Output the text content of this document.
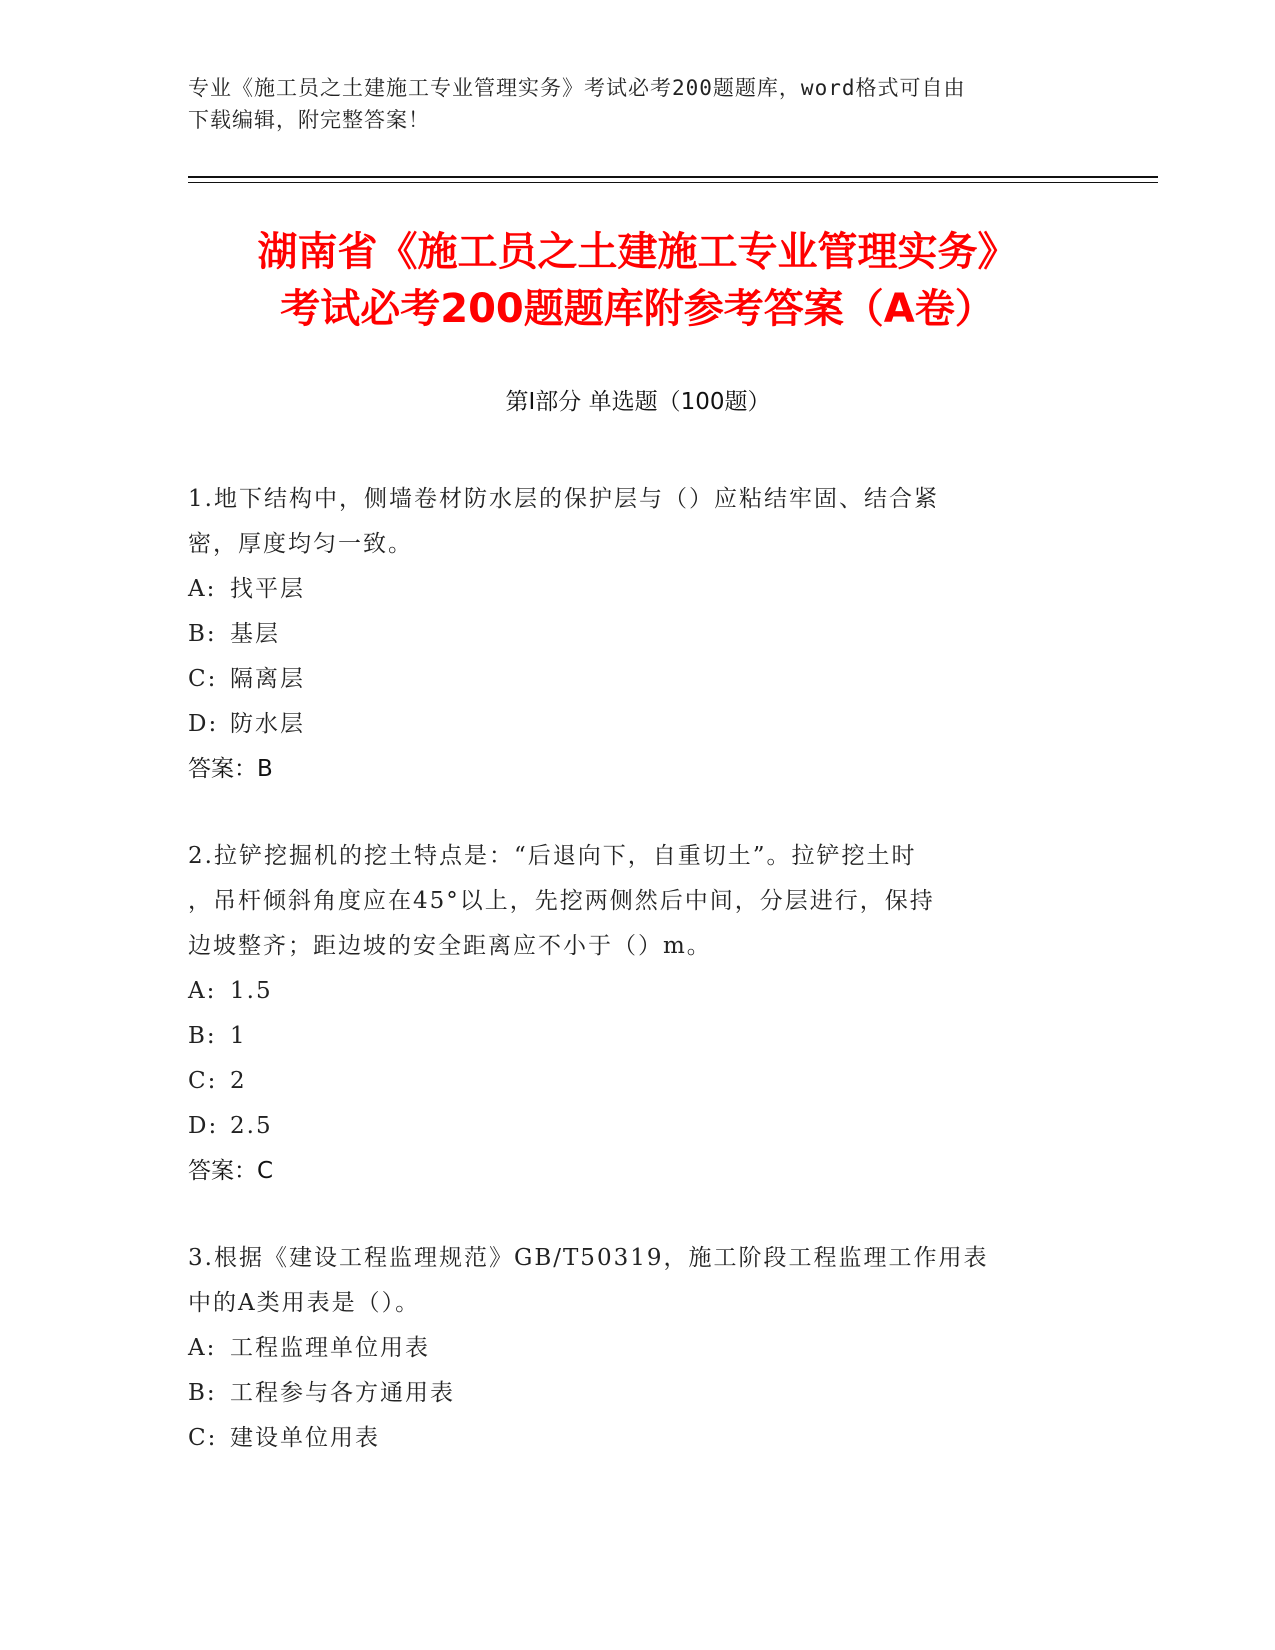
专业《施工员之土建施工专业管理实务》考试必考200题题库，word格式可自由
下载编辑，附完整答案！
湖南省《施工员之土建施工专业管理实务》
考试必考200题题库附参考答案（A卷）
第Ⅰ部分 单选题（100题）

1.地下结构中，侧墙卷材防水层的保护层与（）应粘结牢固、结合紧

密，厚度均匀一致。

A: 找平层

B: 基层

C: 隔离层

D: 防水层

答案：B

2.拉铲挖掘机的挖土特点是：“后退向下，自重切土”。拉铲挖土时

，吊杆倾斜角度应在45°以上，先挖两侧然后中间，分层进行，保持

边坡整齐；距边坡的安全距离应不小于（）m。

A: 1.5

B: 1

C: 2

D: 2.5

答案：C

3.根据《建设工程监理规范》GB/T50319，施工阶段工程监理工作用表

中的A类用表是（）。

A: 工程监理单位用表

B: 工程参与各方通用表

C: 建设单位用表
